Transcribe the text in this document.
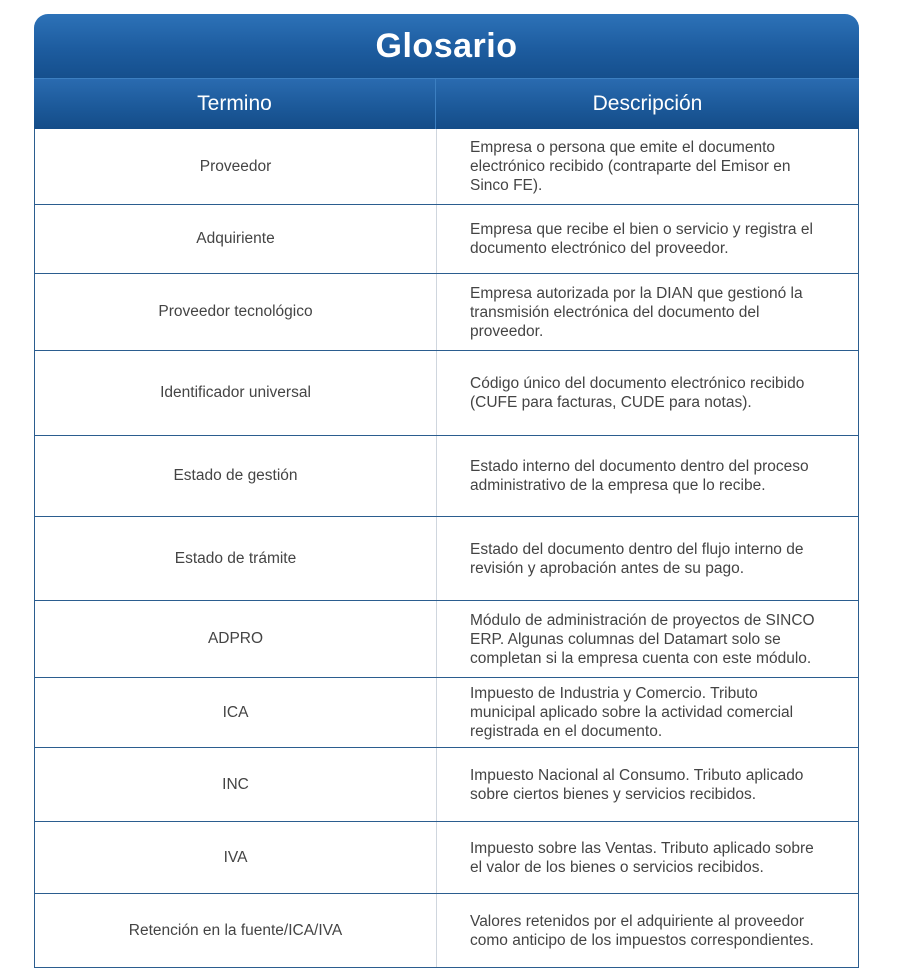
Glosario
Termino	Descripción
Proveedor
Empresa o persona que emite el documento electrónico recibido (contraparte del Emisor en Sinco FE).
Adquiriente
Empresa que recibe el bien o servicio y registra el documento electrónico del proveedor.
Proveedor tecnológico
Empresa autorizada por la DIAN que gestionó la transmisión electrónica del documento del proveedor.
Identificador universal
Código único del documento electrónico recibido (CUFE para facturas, CUDE para notas).
Estado de gestión
Estado interno del documento dentro del proceso administrativo de la empresa que lo recibe.
Estado de trámite
Estado del documento dentro del flujo interno de revisión y aprobación antes de su pago.
ADPRO
Módulo de administración de proyectos de SINCO ERP. Algunas columnas del Datamart solo se completan si la empresa cuenta con este módulo.
ICA
Impuesto de Industria y Comercio. Tributo municipal aplicado sobre la actividad comercial registrada en el documento.
INC
Impuesto Nacional al Consumo. Tributo aplicado sobre ciertos bienes y servicios recibidos.
IVA
Impuesto sobre las Ventas. Tributo aplicado sobre el valor de los bienes o servicios recibidos.
Retención en la fuente/ICA/IVA
Valores retenidos por el adquiriente al proveedor como anticipo de los impuestos correspondientes.
